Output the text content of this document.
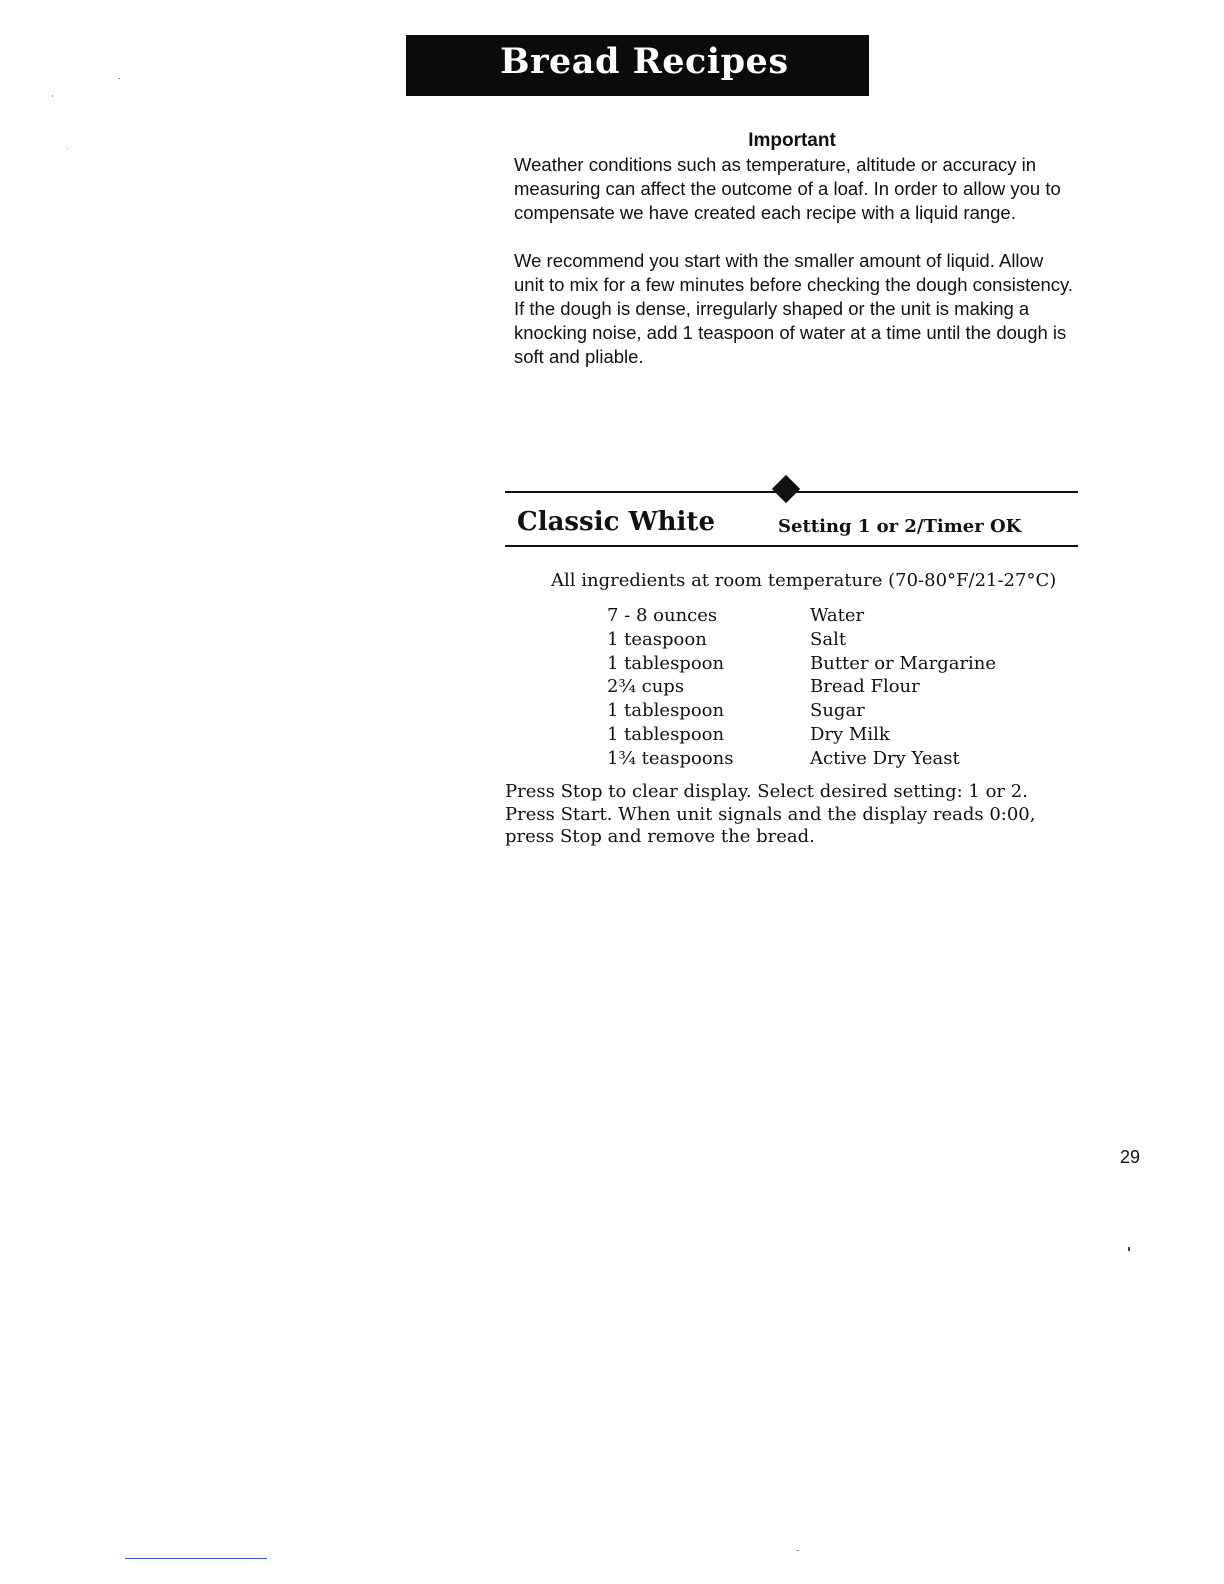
Bread Recipes
Important

Weather conditions such as temperature, altitude or accuracy in measuring can affect the outcome of a loaf. In order to allow you to compensate we have created each recipe with a liquid range.

We recommend you start with the smaller amount of liquid. Allow unit to mix for a few minutes before checking the dough consistency. If the dough is dense, irregularly shaped or the unit is making a knocking noise, add 1 teaspoon of water at a time until the dough is soft and pliable.

Classic White	Setting 1 or 2/Timer OK
All ingredients at room temperature (70-80°F/21-27°C)
7 - 8 ounces	Water
1 teaspoon	Salt
1 tablespoon	Butter or Margarine
2¾ cups	Bread Flour
1 tablespoon	Sugar
1 tablespoon	Dry Milk
1¾ teaspoons	Active Dry Yeast

Press Stop to clear display. Select desired setting: 1 or 2. Press Start. When unit signals and the display reads 0:00, press Stop and remove the bread.

29
